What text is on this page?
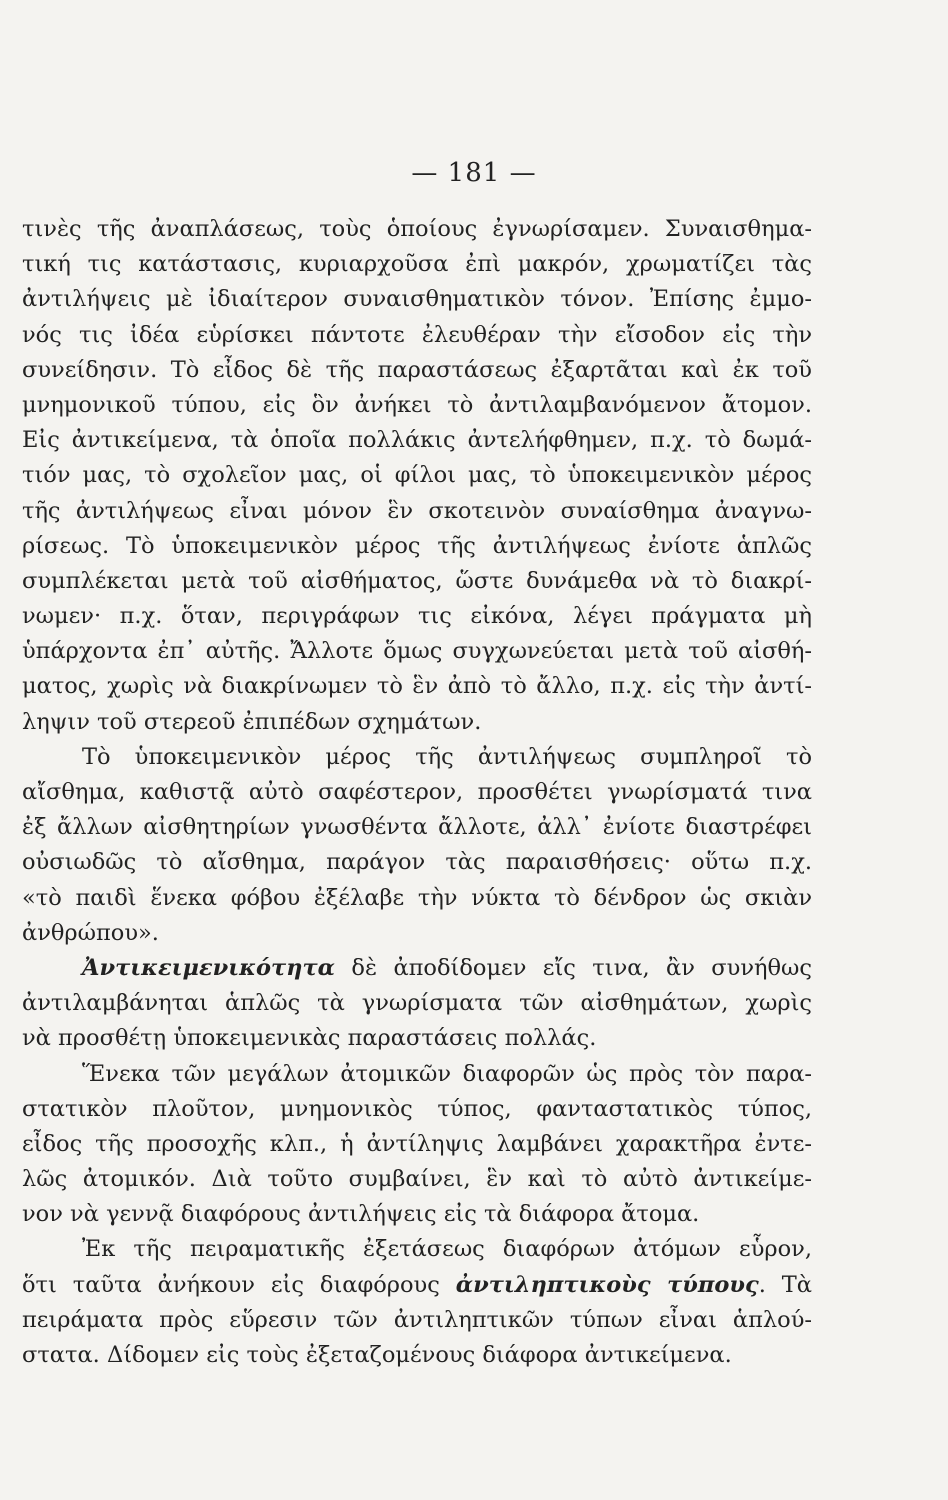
— 181 —
τινὲς τῆς ἀναπλάσεως, τοὺς ὁποίους ἐγνωρίσαμεν. Συναισθημα-
τική τις κατάστασις, κυριαρχοῦσα ἐπὶ μακρόν, χρωματίζει τὰς
ἀντιλήψεις μὲ ἰδιαίτερον συναισθηματικὸν τόνον. Ἐπίσης ἐμμο-
νός τις ἰδέα εὑρίσκει πάντοτε ἐλευθέραν τὴν εἴσοδον εἰς τὴν
συνείδησιν. Τὸ εἶδος δὲ τῆς παραστάσεως ἐξαρτᾶται καὶ ἐκ τοῦ
μνημονικοῦ τύπου, εἰς ὃν ἀνήκει τὸ ἀντιλαμβανόμενον ἄτομον.
Εἰς ἀντικείμενα, τὰ ὁποῖα πολλάκις ἀντελήφθημεν, π.χ. τὸ δωμά-
τιόν μας, τὸ σχολεῖον μας, οἱ φίλοι μας, τὸ ὑποκειμενικὸν μέρος
τῆς ἀντιλήψεως εἶναι μόνον ἓν σκοτεινὸν συναίσθημα ἀναγνω-
ρίσεως. Τὸ ὑποκειμενικὸν μέρος τῆς ἀντιλήψεως ἐνίοτε ἁπλῶς
συμπλέκεται μετὰ τοῦ αἰσθήματος, ὥστε δυνάμεθα νὰ τὸ διακρί-
νωμεν· π.χ. ὅταν, περιγράφων τις εἰκόνα, λέγει πράγματα μὴ
ὑπάρχοντα ἐπ᾽ αὐτῆς. Ἄλλοτε ὅμως συγχωνεύεται μετὰ τοῦ αἰσθή-
ματος, χωρὶς νὰ διακρίνωμεν τὸ ἓν ἀπὸ τὸ ἄλλο, π.χ. εἰς τὴν ἀντί-
ληψιν τοῦ στερεοῦ ἐπιπέδων σχημάτων.
Τὸ ὑποκειμενικὸν μέρος τῆς ἀντιλήψεως συμπληροῖ τὸ
αἴσθημα, καθιστᾷ αὐτὸ σαφέστερον, προσθέτει γνωρίσματά τινα
ἐξ ἄλλων αἰσθητηρίων γνωσθέντα ἄλλοτε, ἀλλ᾽ ἐνίοτε διαστρέφει
οὐσιωδῶς τὸ αἴσθημα, παράγον τὰς παραισθήσεις· οὕτω π.χ.
«τὸ παιδὶ ἕνεκα φόβου ἐξέλαβε τὴν νύκτα τὸ δένδρον ὡς σκιὰν
ἀνθρώπου».
Ἀντικειμενικότητα δὲ ἀποδίδομεν εἴς τινα, ἂν συνήθως
ἀντιλαμβάνηται ἁπλῶς τὰ γνωρίσματα τῶν αἰσθημάτων, χωρὶς
νὰ προσθέτῃ ὑποκειμενικὰς παραστάσεις πολλάς.
Ἕνεκα τῶν μεγάλων ἀτομικῶν διαφορῶν ὡς πρὸς τὸν παρα-
στατικὸν πλοῦτον, μνημονικὸς τύπος, φανταστατικὸς τύπος,
εἶδος τῆς προσοχῆς κλπ., ἡ ἀντίληψις λαμβάνει χαρακτῆρα ἐντε-
λῶς ἀτομικόν. Διὰ τοῦτο συμβαίνει, ἓν καὶ τὸ αὐτὸ ἀντικείμε-
νον νὰ γεννᾷ διαφόρους ἀντιλήψεις εἰς τὰ διάφορα ἄτομα.
Ἐκ τῆς πειραματικῆς ἐξετάσεως διαφόρων ἀτόμων εὗρον,
ὅτι ταῦτα ἀνήκουν εἰς διαφόρους ἀντιληπτικοὺς τύπους. Τὰ
πειράματα πρὸς εὕρεσιν τῶν ἀντιληπτικῶν τύπων εἶναι ἁπλού-
στατα. Δίδομεν εἰς τοὺς ἐξεταζομένους διάφορα ἀντικείμενα.
